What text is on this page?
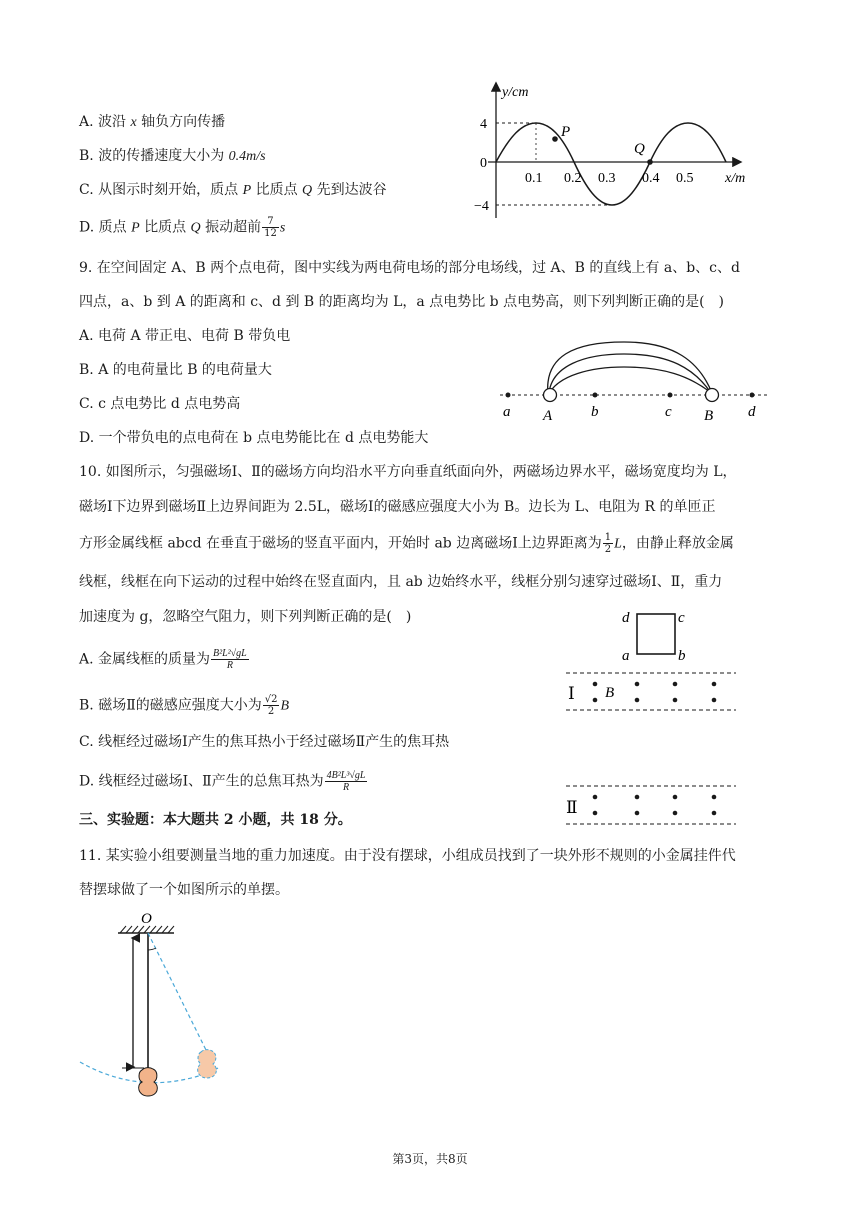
A. 波沿 x 轴负方向传播
B. 波的传播速度大小为 0.4m/s
C. 从图示时刻开始，质点 P 比质点 Q 先到达波谷
D. 质点 P 比质点 Q 振动超前 $\frac{7}{12}$ s
P
Q
y/cm
x/m
4
0
−4
0.1 0.2 0.3 0.4 0.5
9. 在空间固定 A、B 两个点电荷，图中实线为两电荷电场的部分电场线，过 A、B 的直线上有 a、b、c、d
四点，a、b 到 A 的距离和 c、d 到 B 的距离均为 L，a 点电势比 b 点电势高，则下列判断正确的是(　)
A. 电荷 A 带正电、电荷 B 带负电
B. A 的电荷量比 B 的电荷量大
C. c 点电势比 d 点电势高
D. 一个带负电的点电荷在 b 点电势能比在 d 点电势能大
a A	b	c B d
10. 如图所示，匀强磁场Ⅰ、Ⅱ的磁场方向均沿水平方向垂直纸面向外，两磁场边界水平，磁场宽度均为 L，
磁场Ⅰ下边界到磁场Ⅱ上边界间距为 2.5L，磁场Ⅰ的磁感应强度大小为 B。边长为 L、电阻为 R 的单匝正
方形金属线框 abcd 在垂直于磁场的竖直平面内，开始时 ab 边离磁场Ⅰ上边界距离为 $\frac{1}{2}$ L，由静止释放金属
线框，线框在向下运动的过程中始终在竖直面内，且 ab 边始终水平，线框分别匀速穿过磁场Ⅰ、Ⅱ，重力
加速度为 g，忽略空气阻力，则下列判断正确的是(　)
A. 金属线框的质量为 $\frac{\text{B²L²√gL}}{R}$
B. 磁场Ⅱ的磁感应强度大小为 $\frac{√2}{2}$ B
C. 线框经过磁场Ⅰ产生的焦耳热小于经过磁场Ⅱ产生的焦耳热
D. 线框经过磁场Ⅰ、Ⅱ产生的总焦耳热为 $\frac{\text{4B²L³√gL}}{R}$
d	c
a	b
Ⅰ B
Ⅱ
三、实验题：本大题共 2 小题，共 18 分。
11. 某实验小组要测量当地的重力加速度。由于没有摆球，小组成员找到了一块外形不规则的小金属挂件代
替摆球做了一个如图所示的单摆。
O
第3页，共8页
